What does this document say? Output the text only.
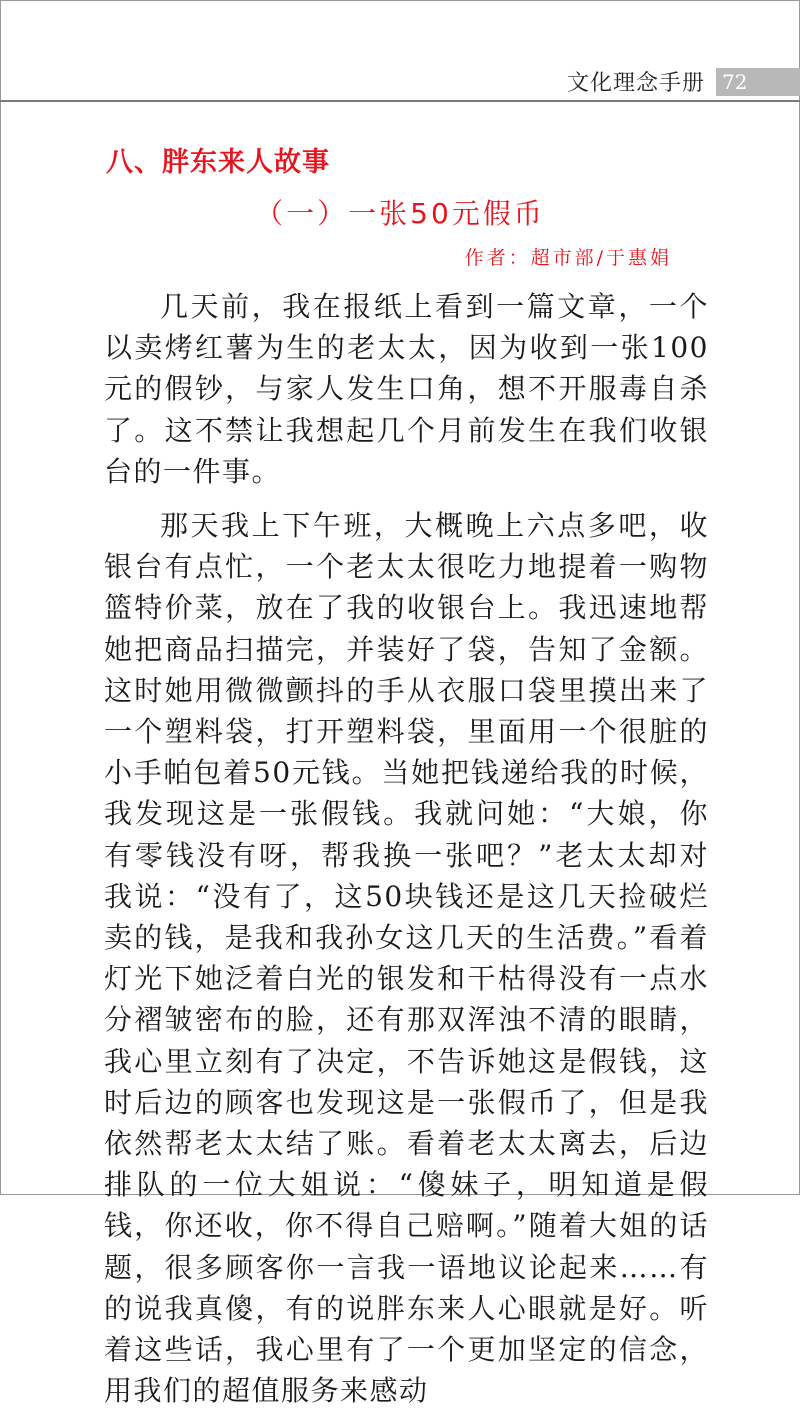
文化理念手册 72
八、胖东来人故事
（一）一张50元假币
作者：超市部/于惠娟

几天前，我在报纸上看到一篇文章，一个以卖烤红薯为生的老太太，因为收到一张100元的假钞，与家人发生口角，想不开服毒自杀了。这不禁让我想起几个月前发生在我们收银台的一件事。

那天我上下午班，大概晚上六点多吧，收银台有点忙，一个老太太很吃力地提着一购物篮特价菜，放在了我的收银台上。我迅速地帮她把商品扫描完，并装好了袋，告知了金额。这时她用微微颤抖的手从衣服口袋里摸出来了一个塑料袋，打开塑料袋，里面用一个很脏的小手帕包着50元钱。当她把钱递给我的时候，我发现这是一张假钱。我就问她：“大娘，你有零钱没有呀，帮我换一张吧？”老太太却对我说：“没有了，这50块钱还是这几天捡破烂卖的钱，是我和我孙女这几天的生活费。”看着灯光下她泛着白光的银发和干枯得没有一点水分褶皱密布的脸，还有那双浑浊不清的眼睛，我心里立刻有了决定，不告诉她这是假钱，这时后边的顾客也发现这是一张假币了，但是我依然帮老太太结了账。看着老太太离去，后边排队的一位大姐说：“傻妹子，明知道是假钱，你还收，你不得自己赔啊。”随着大姐的话题，很多顾客你一言我一语地议论起来……有的说我真傻，有的说胖东来人心眼就是好。听着这些话，我心里有了一个更加坚定的信念，用我们的超值服务来感动
